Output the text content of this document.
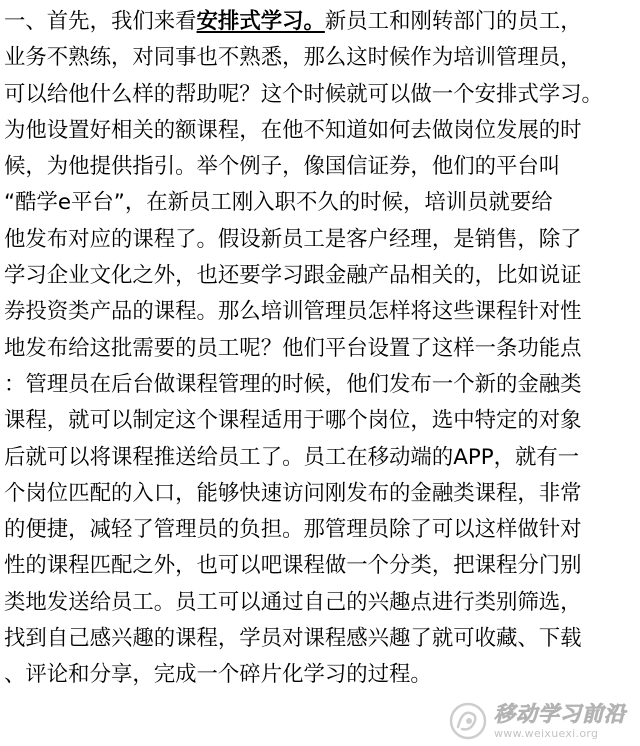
一、首先，我们来看安排式学习。新员工和刚转部门的员工，
业务不熟练，对同事也不熟悉，那么这时候作为培训管理员，
可以给他什么样的帮助呢？这个时候就可以做一个安排式学习。
为他设置好相关的额课程，在他不知道如何去做岗位发展的时
候，为他提供指引。举个例子，像国信证券，他们的平台叫
“酷学e平台”，在新员工刚入职不久的时候，培训员就要给
他发布对应的课程了。假设新员工是客户经理，是销售，除了
学习企业文化之外，也还要学习跟金融产品相关的，比如说证
券投资类产品的课程。那么培训管理员怎样将这些课程针对性
地发布给这批需要的员工呢？他们平台设置了这样一条功能点
：管理员在后台做课程管理的时候，他们发布一个新的金融类
课程，就可以制定这个课程适用于哪个岗位，选中特定的对象
后就可以将课程推送给员工了。员工在移动端的APP，就有一
个岗位匹配的入口，能够快速访问刚发布的金融类课程，非常
的便捷，减轻了管理员的负担。那管理员除了可以这样做针对
性的课程匹配之外，也可以吧课程做一个分类，把课程分门别
类地发送给员工。员工可以通过自己的兴趣点进行类别筛选，
找到自己感兴趣的课程，学员对课程感兴趣了就可收藏、下载
、评论和分享，完成一个碎片化学习的过程。
移动学习前沿
www.weixuexi.org
